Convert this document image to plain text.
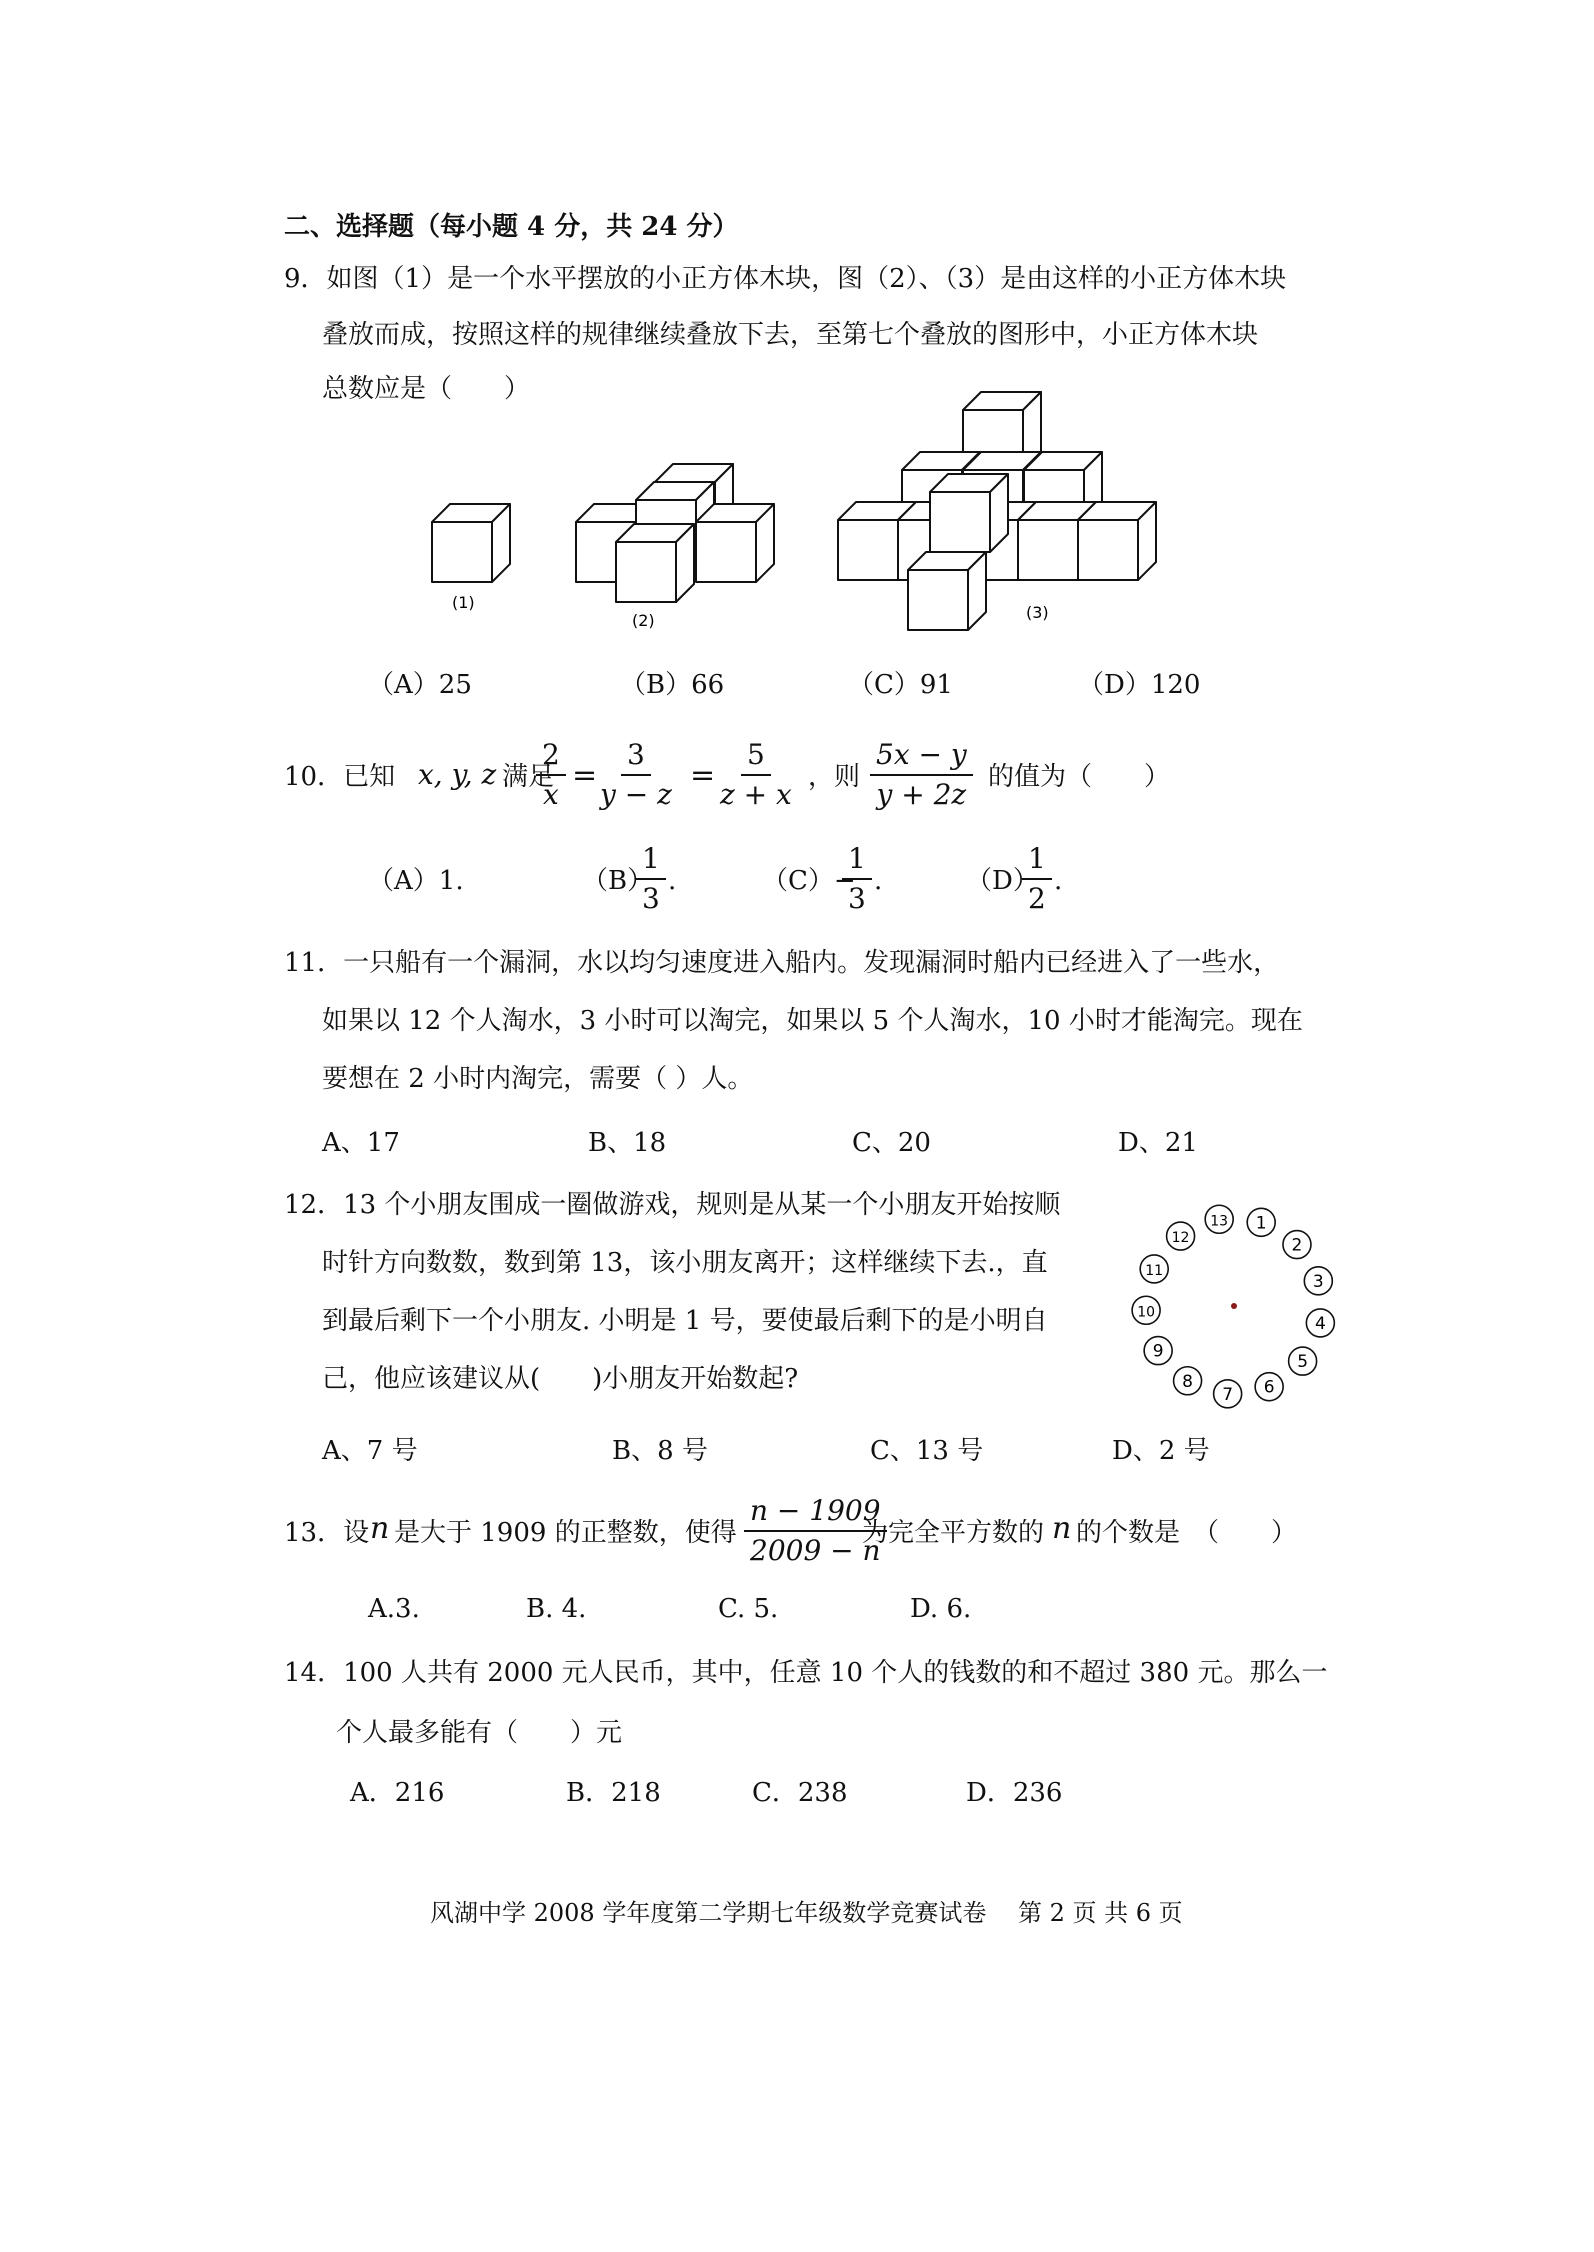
二、选择题（每小题 4 分，共 24 分）
9．如图（1）是一个水平摆放的小正方体木块，图（2）、（3）是由这样的小正方体木块
叠放而成，按照这样的规律继续叠放下去，至第七个叠放的图形中，小正方体木块
总数应是（　　）
(1)
(2)	(3)
（A）25	（B）66	（C）91	（D）120
10．已知 x, y, z 满足
$\frac{2}{x} = \frac{3}{y - z} = \frac{5}{z + x}$ ，则 $\frac{5x - y}{y + 2z}$ 的值为（　　）
（A）1.	（B）
$\frac{1}{3}$ .	（C）−
$\frac{1}{3}$ .	（D）
$\frac{1}{2}$ .
11．一只船有一个漏洞，水以均匀速度进入船内。发现漏洞时船内已经进入了一些水，
如果以 12 个人淘水，3 小时可以淘完，如果以 5 个人淘水，10 小时才能淘完。现在
要想在 2 小时内淘完，需要（ ）人。
A、17	B、18	C、20	D、21
12．13 个小朋友围成一圈做游戏，规则是从某一个小朋友开始按顺
时针方向数数，数到第 13，该小朋友离开；这样继续下去.，直
到最后剩下一个小朋友. 小明是 1 号，要使最后剩下的是小明自
己，他应该建议从(　　)小朋友开始数起?
1
2
3
4
5
6
7
8
9
10
11
12
13
A、7 号	B、8 号	C、13 号	D、2 号
13．设 n 是大于 1909 的正整数，使得 $\frac{n - 1909}{2009 - n}$
为完全平方数的 n 的个数是　（　　）
A.3.	B. 4.	C. 5.	D. 6.
14．100 人共有 2000 元人民币，其中，任意 10 个人的钱数的和不超过 380 元。那么一
个人最多能有（　　）元
A．216	B．218	C．238	D．236
风湖中学 2008 学年度第二学期七年级数学竞赛试卷　 第 2 页 共 6 页
